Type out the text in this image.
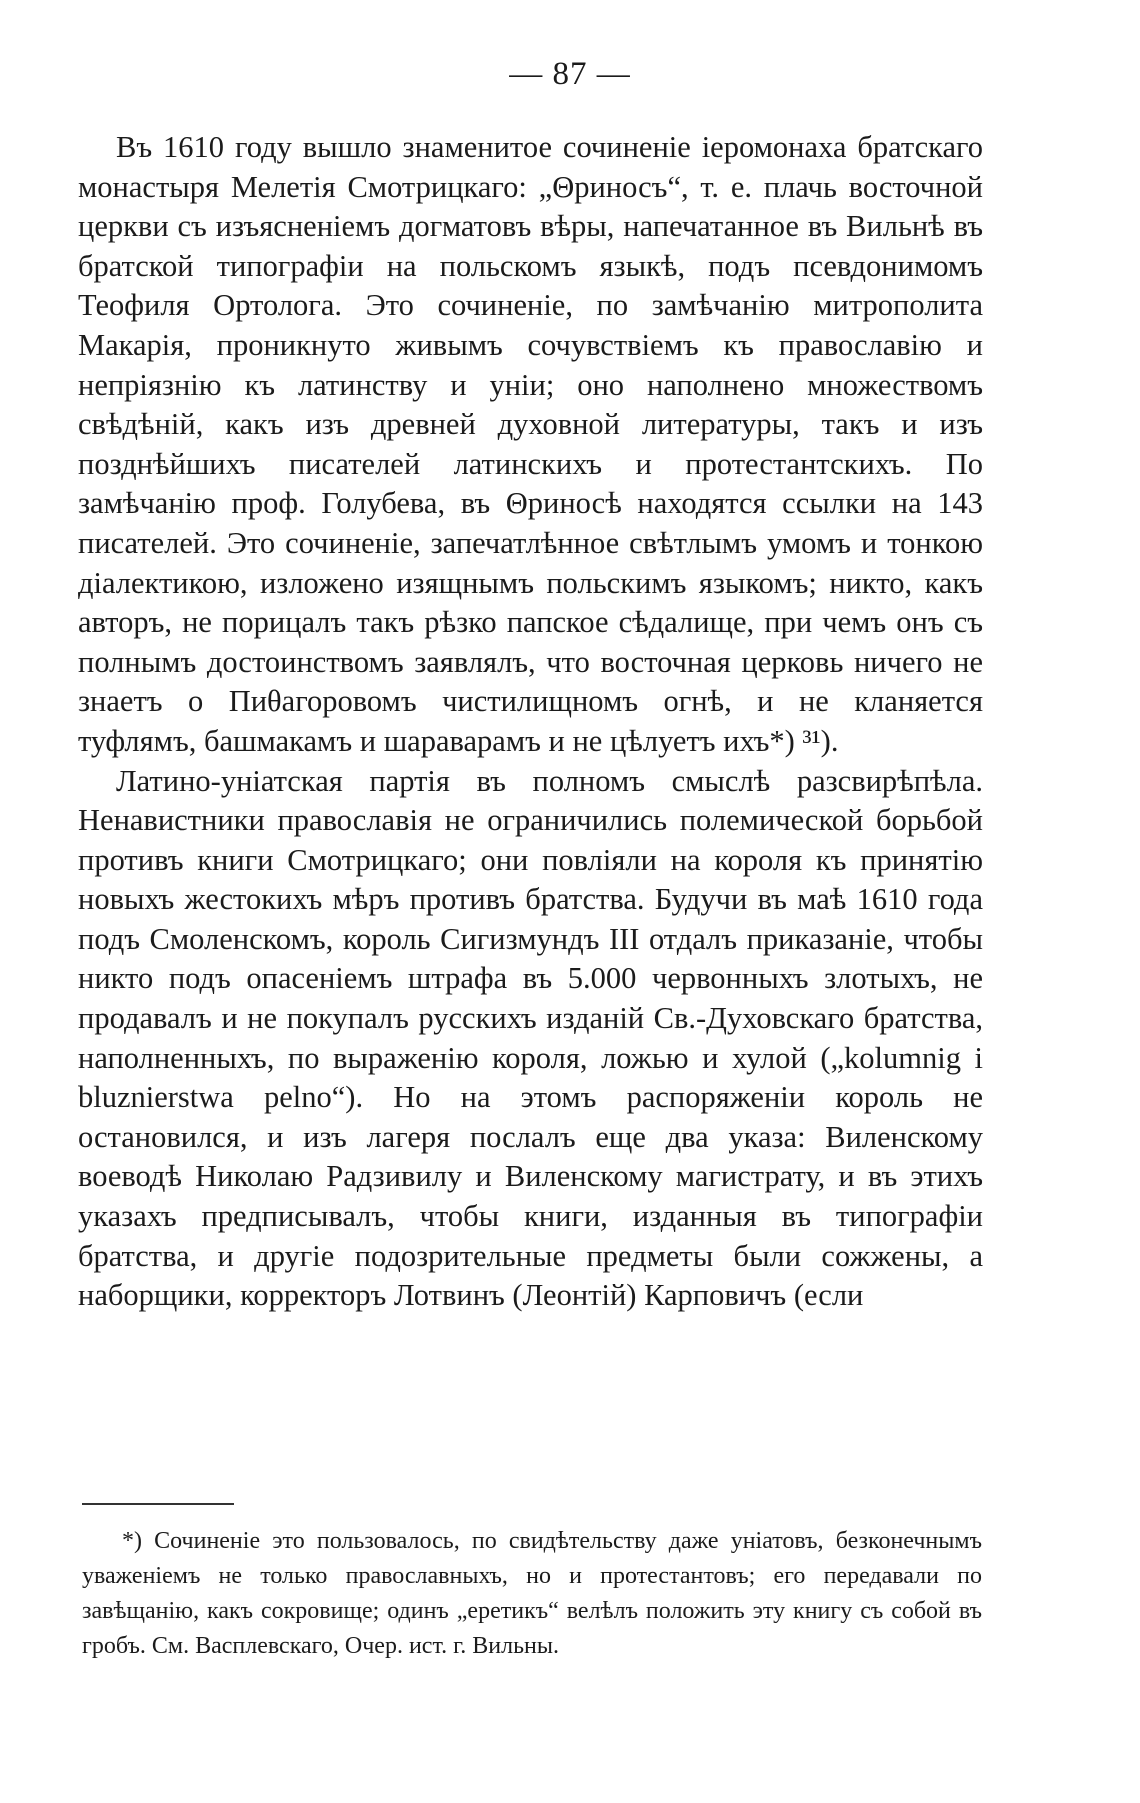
— 87 —

Въ 1610 году вышло знаменитое сочиненіе іеромонаха братскаго монастыря Мелетія Смотрицкаго: „Θриносъ“, т. е. плачь восточной церкви съ изъясненіемъ догматовъ вѣры, напечатанное въ Вильнѣ въ братской типографіи на польскомъ языкѣ, подъ псевдонимомъ Теофиля Ортолога. Это сочиненіе, по замѣчанію митрополита Макарія, проникнуто живымъ сочувствіемъ къ православію и непріязнію къ латинству и уніи; оно наполнено множествомъ свѣдѣній, какъ изъ древней духовной литературы, такъ и изъ позднѣйшихъ писателей латинскихъ и протестантскихъ. По замѣчанію проф. Голубева, въ Θриносѣ находятся ссылки на 143 писателей. Это сочиненіе, запечатлѣнное свѣтлымъ умомъ и тонкою діалектикою, изложено изящнымъ польскимъ языкомъ; никто, какъ авторъ, не порицалъ такъ рѣзко папское сѣдалище, при чемъ онъ съ полнымъ достоинствомъ заявлялъ, что восточная церковь ничего не знаетъ о Пиθагоровомъ чистилищномъ огнѣ, и не кланяется туфлямъ, башмакамъ и шараварамъ и не цѣлуетъ ихъ*) ³¹).

Латино-уніатская партія въ полномъ смыслѣ разсвирѣпѣла. Ненавистники православія не ограничились полемической борьбой противъ книги Смотрицкаго; они повліяли на короля къ принятію новыхъ жестокихъ мѣръ противъ братства. Будучи въ маѣ 1610 года подъ Смоленскомъ, король Сигизмундъ III отдалъ приказаніе, чтобы никто подъ опасеніемъ штрафа въ 5.000 червонныхъ злотыхъ, не продавалъ и не покупалъ русскихъ изданій Св.-Духовскаго братства, наполненныхъ, по выраженію короля, ложью и хулой („kolumnig i bluznierstwa pelno“). Но на этомъ распоряженіи король не остановился, и изъ лагеря послалъ еще два указа: Виленскому воеводѣ Николаю Радзивилу и Виленскому магистрату, и въ этихъ указахъ предписывалъ, чтобы книги, изданныя въ типографіи братства, и другіе подозрительные предметы были сожжены, а наборщики, корректоръ Лотвинъ (Леонтій) Карповичъ (если

*) Сочиненіе это пользовалось, по свидѣтельству даже уніатовъ, безконечнымъ уваженіемъ не только православныхъ, но и протестантовъ; его передавали по завѣщанію, какъ сокровище; одинъ „еретикъ“ велѣлъ положить эту книгу съ собой въ гробъ. См. Васплевскаго, Очер. ист. г. Вильны.
